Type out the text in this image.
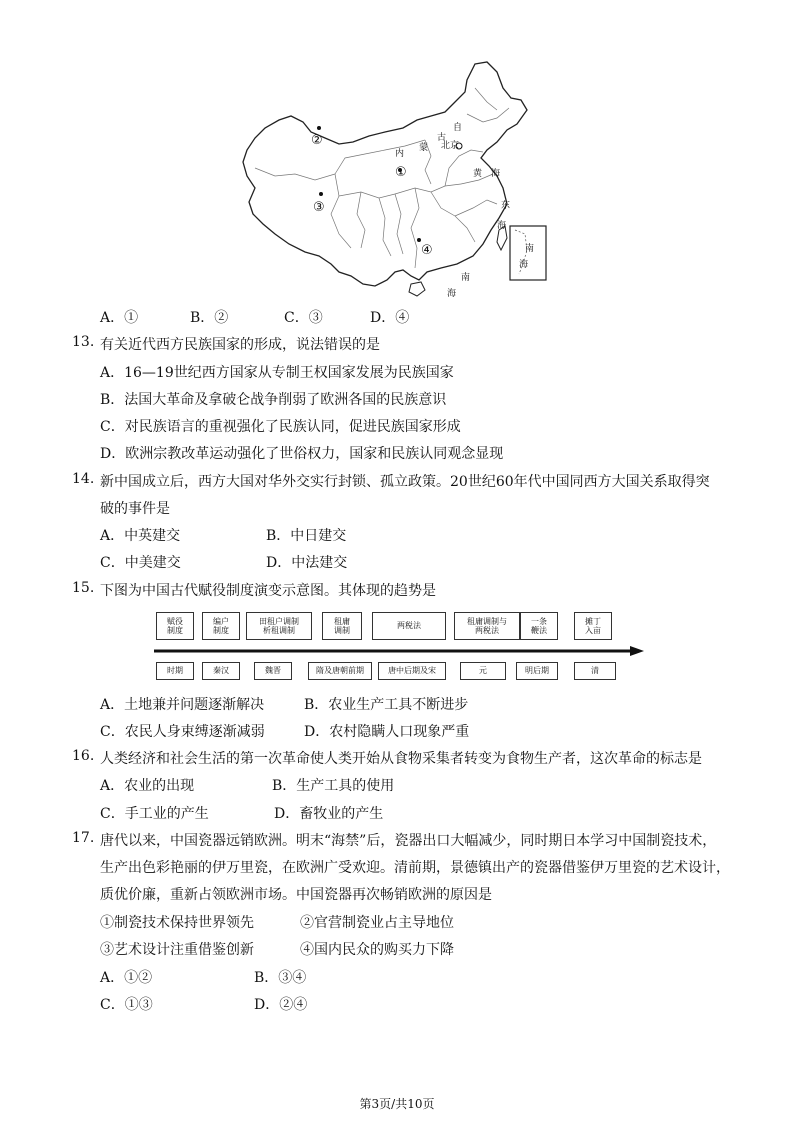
②
③
①
④
内
蒙
古
自
北京
黄 海
东
海
南
海
南
海
A．①	B．②	C．③	D．④
13. 有关近代西方民族国家的形成，说法错误的是
A．16—19世纪西方国家从专制王权国家发展为民族国家
B．法国大革命及拿破仑战争削弱了欧洲各国的民族意识
C．对民族语言的重视强化了民族认同，促进民族国家形成
D．欧洲宗教改革运动强化了世俗权力，国家和民族认同观念显现
14. 新中国成立后，西方大国对华外交实行封锁、孤立政策。20世纪60年代中国同西方大国关系取得突
破的事件是
A．中英建交	B．中日建交
C．中美建交	D．中法建交
15. 下图为中国古代赋役制度演变示意图。其体现的趋势是
赋役
制度
编户
制度
田租户调制
析租调制
租庸
调制
两税法
租庸调制与
两税法
一条
鞭法
摊丁
入亩
时期	秦汉	魏晋	隋及唐朝前期	唐中后期及宋	元	明后期	清
A．土地兼并问题逐渐解决	B．农业生产工具不断进步
C．农民人身束缚逐渐减弱	D．农村隐瞒人口现象严重
16. 人类经济和社会生活的第一次革命使人类开始从食物采集者转变为食物生产者，这次革命的标志是
A．农业的出现	B．生产工具的使用
C．手工业的产生	D．畜牧业的产生
17. 唐代以来，中国瓷器远销欧洲。明末“海禁”后，瓷器出口大幅减少，同时期日本学习中国制瓷技术，
生产出色彩艳丽的伊万里瓷，在欧洲广受欢迎。清前期，景德镇出产的瓷器借鉴伊万里瓷的艺术设计，
质优价廉，重新占领欧洲市场。中国瓷器再次畅销欧洲的原因是
①制瓷技术保持世界领先	②官营制瓷业占主导地位
③艺术设计注重借鉴创新	④国内民众的购买力下降
A．①②	B．③④
C．①③	D．②④
第3页/共10页
